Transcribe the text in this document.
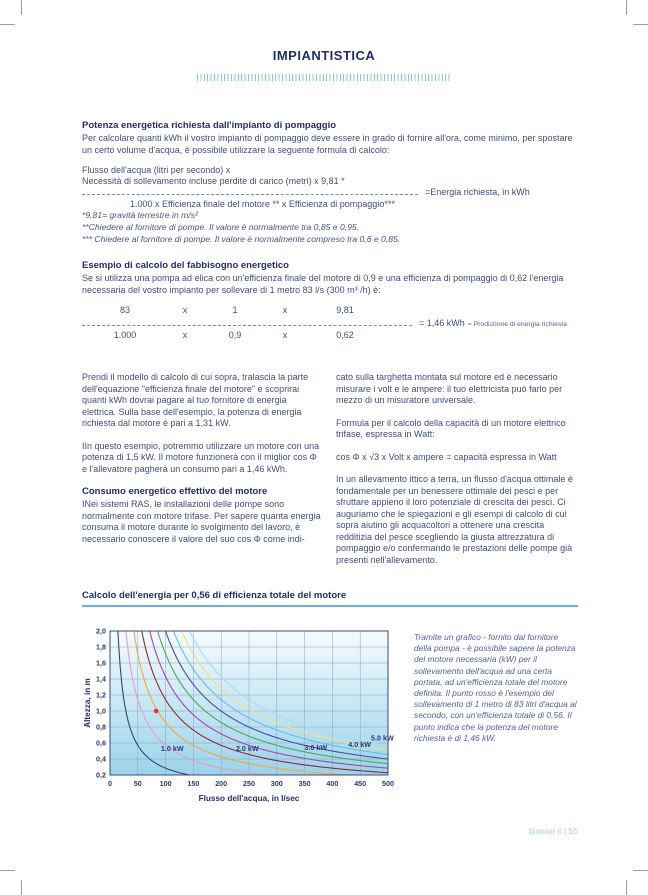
IMPIANTISTICA
Potenza energetica richiesta dall'impianto di pompaggio

Per calcolare quanti kWh il vostro impianto di pompaggio deve essere in grado di fornire all'ora, come minimo, per spostare un certo volume d'acqua, è possibile utilizzare la seguente formula di calcolo:

Flusso dell'acqua (litri per secondo) x
Necessità di sollevamento incluse perdite di carico (metri) x 9,81 *
=Energia richiesta, in kWh
1.000 x Efficienza finale del motore ** x Efficienza di pompaggio***
*9,81= gravità terrestre in m/s²
**Chiedere al fornitore di pompe. Il valore è normalmente tra 0,85 e 0,95.
*** Chiedere al fornitore di pompe. Il valore è normalmente compreso tra 0,6 e 0,85.
Esempio di calcolo del fabbisogno energetico

Se si utilizza una pompa ad elica con un'efficienza finale del motore di 0,9 e una efficienza di pompaggio di 0,62 l'energia necessaria del vostro impianto per sollevare di 1 metro 83 l/s (300 m³ /h) è:

83	x	1	x	9,81
= 1,46 kWh = Produzione di energia richiesta
1.000	x	0,9	x	0,62

Prendi il modello di calcolo di cui sopra, tralascia la parte dell'equazione "efficienza finale del motore" e scoprirai quanti kWh dovrai pagare al tuo fornitore di energia elettrica. Sulla base dell'esempio, la potenza di energia richiesta dal motore è pari a 1,31 kW.

IIn questo esempio, potremmo utilizzare un motore con una potenza di 1,5 kW. Il motore funzionerà con il miglior cos Φ e l'allevatore pagherà un consumo pari a 1,46 kWh.

Consumo energetico effettivo del motore

INei sistemi RAS, le installazioni delle pompe sono normalmente con motore trifase. Per sapere quanta energia consuma il motore durante lo svolgimento del lavoro, è necessario conoscere il valore del suo cos Φ come indi-

cato sulla targhetta montata sul motore ed è necessario misurare i volt e le ampere: il tuo elettricista può farlo per mezzo di un misuratore universale.

Formula per il calcolo della capacità di un motore elettrico trifase, espressa in Watt:

cos Φ x √3 x Volt x ampere = capacità espressa in Watt

In un allevamento ittico a terra, un flusso d'acqua ottimale è fondamentale per un benessere ottimale dei pesci e per sfruttare appieno il loro potenziale di crescita dei pesci. Ci auguriamo che le spiegazioni e gli esempi di calcolo di cui sopra aiutino gli acquacoltori a ottenere una crescita redditizia del pesce scegliendo la giusta attrezzatura di pompaggio e/o confermando le prestazioni delle pompe già presenti nell'allevamento.

Calcolo dell'energia per 0,56 di efficienza totale del motore
1.0 kW	2.0 kW	3.0 kW	4.0 kW
5.0 kW
0	50 100 150 200 250 300 350 400 450 500
0,2
0,4
0,6
0,8
1,0
1,2
1,4
1,6
1,8
2,0
Flusso dell'acqua, in l/sec
Altezza, in m
Tramite un grafico - fornito dal fornitore della pompa - è possibile sapere la potenza del motore necessaria (kW) per il sollevamento dell'acqua ad una certa portata, ad un'efficienza totale del motore definita. Il punto rosso è l'esempio del sollevamento di 1 metro di 83 litri d'acqua al secondo, con un'efficienza totale di 0,56. Il punto indica che la potenza del motore richiesta è di 1,46 kW.
biomar.it | 55
